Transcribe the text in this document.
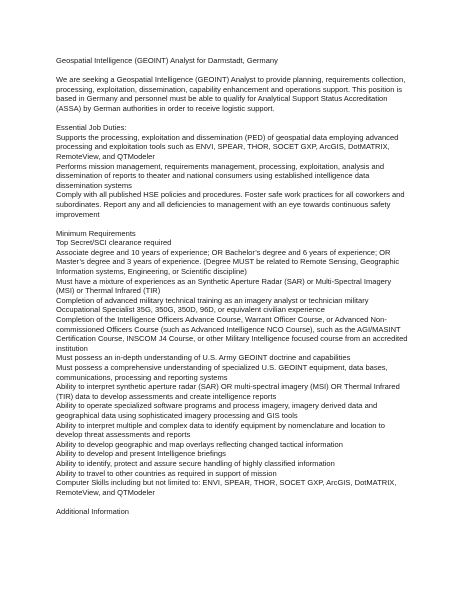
Geospatial Intelligence (GEOINT) Analyst for Darmstadt, Germany

We are seeking a Geospatial Intelligence (GEOINT) Analyst to provide planning, requirements collection,
processing, exploitation, dissemination, capability enhancement and operations support. This position is
based in Germany and personnel must be able to qualify for Analytical Support Status Accreditation
(ASSA) by German authorities in order to receive logistic support.
Essential Job Duties:
Supports the processing, exploitation and dissemination (PED) of geospatial data employing advanced
processing and exploitation tools such as ENVI, SPEAR, THOR, SOCET GXP, ArcGIS, DotMATRIX,
RemoteView, and QTModeler
Performs mission management, requirements management, processing, exploitation, analysis and
dissemination of reports to theater and national consumers using established intelligence data
dissemination systems
Comply with all published HSE policies and procedures. Foster safe work practices for all coworkers and
subordinates. Report any and all deficiencies to management with an eye towards continuous safety
improvement
Minimum Requirements
Top Secret/SCI clearance required
Associate degree and 10 years of experience; OR Bachelor’s degree and 6 years of experience; OR
Master’s degree and 3 years of experience. (Degree MUST be related to Remote Sensing, Geographic
Information systems, Engineering, or Scientific discipline)
Must have a mixture of experiences as an Synthetic Aperture Radar (SAR) or Multi-Spectral Imagery
(MSI) or Thermal Infrared (TIR)
Completion of advanced military technical training as an imagery analyst or technician military
Occupational Specialist 35G, 350G, 350D, 96D, or equivalent civilian experience
Completion of the Intelligence Officers Advance Course, Warrant Officer Course, or Advanced Non-
commissioned Officers Course (such as Advanced Intelligence NCO Course), such as the AGI/MASINT
Certification Course, INSCOM J4 Course, or other Military Intelligence focused course from an accredited
institution
Must possess an in-depth understanding of U.S. Army GEOINT doctrine and capabilities
Must possess a comprehensive understanding of specialized U.S. GEOINT equipment, data bases,
communications, processing and reporting systems
Ability to interpret synthetic aperture radar (SAR) OR multi-spectral imagery (MSI) OR Thermal Infrared
(TIR) data to develop assessments and create intelligence reports
Ability to operate specialized software programs and process imagery, imagery derived data and
geographical data using sophisticated imagery processing and GIS tools
Ability to interpret multiple and complex data to identify equipment by nomenclature and location to
develop threat assessments and reports
Ability to develop geographic and map overlays reflecting changed tactical information
Ability to develop and present Intelligence briefings
Ability to identify, protect and assure secure handling of highly classified information
Ability to travel to other countries as required in support of mission
Computer Skills including but not limited to: ENVI, SPEAR, THOR, SOCET GXP, ArcGIS, DotMATRIX,
RemoteView, and QTModeler
Additional Information
